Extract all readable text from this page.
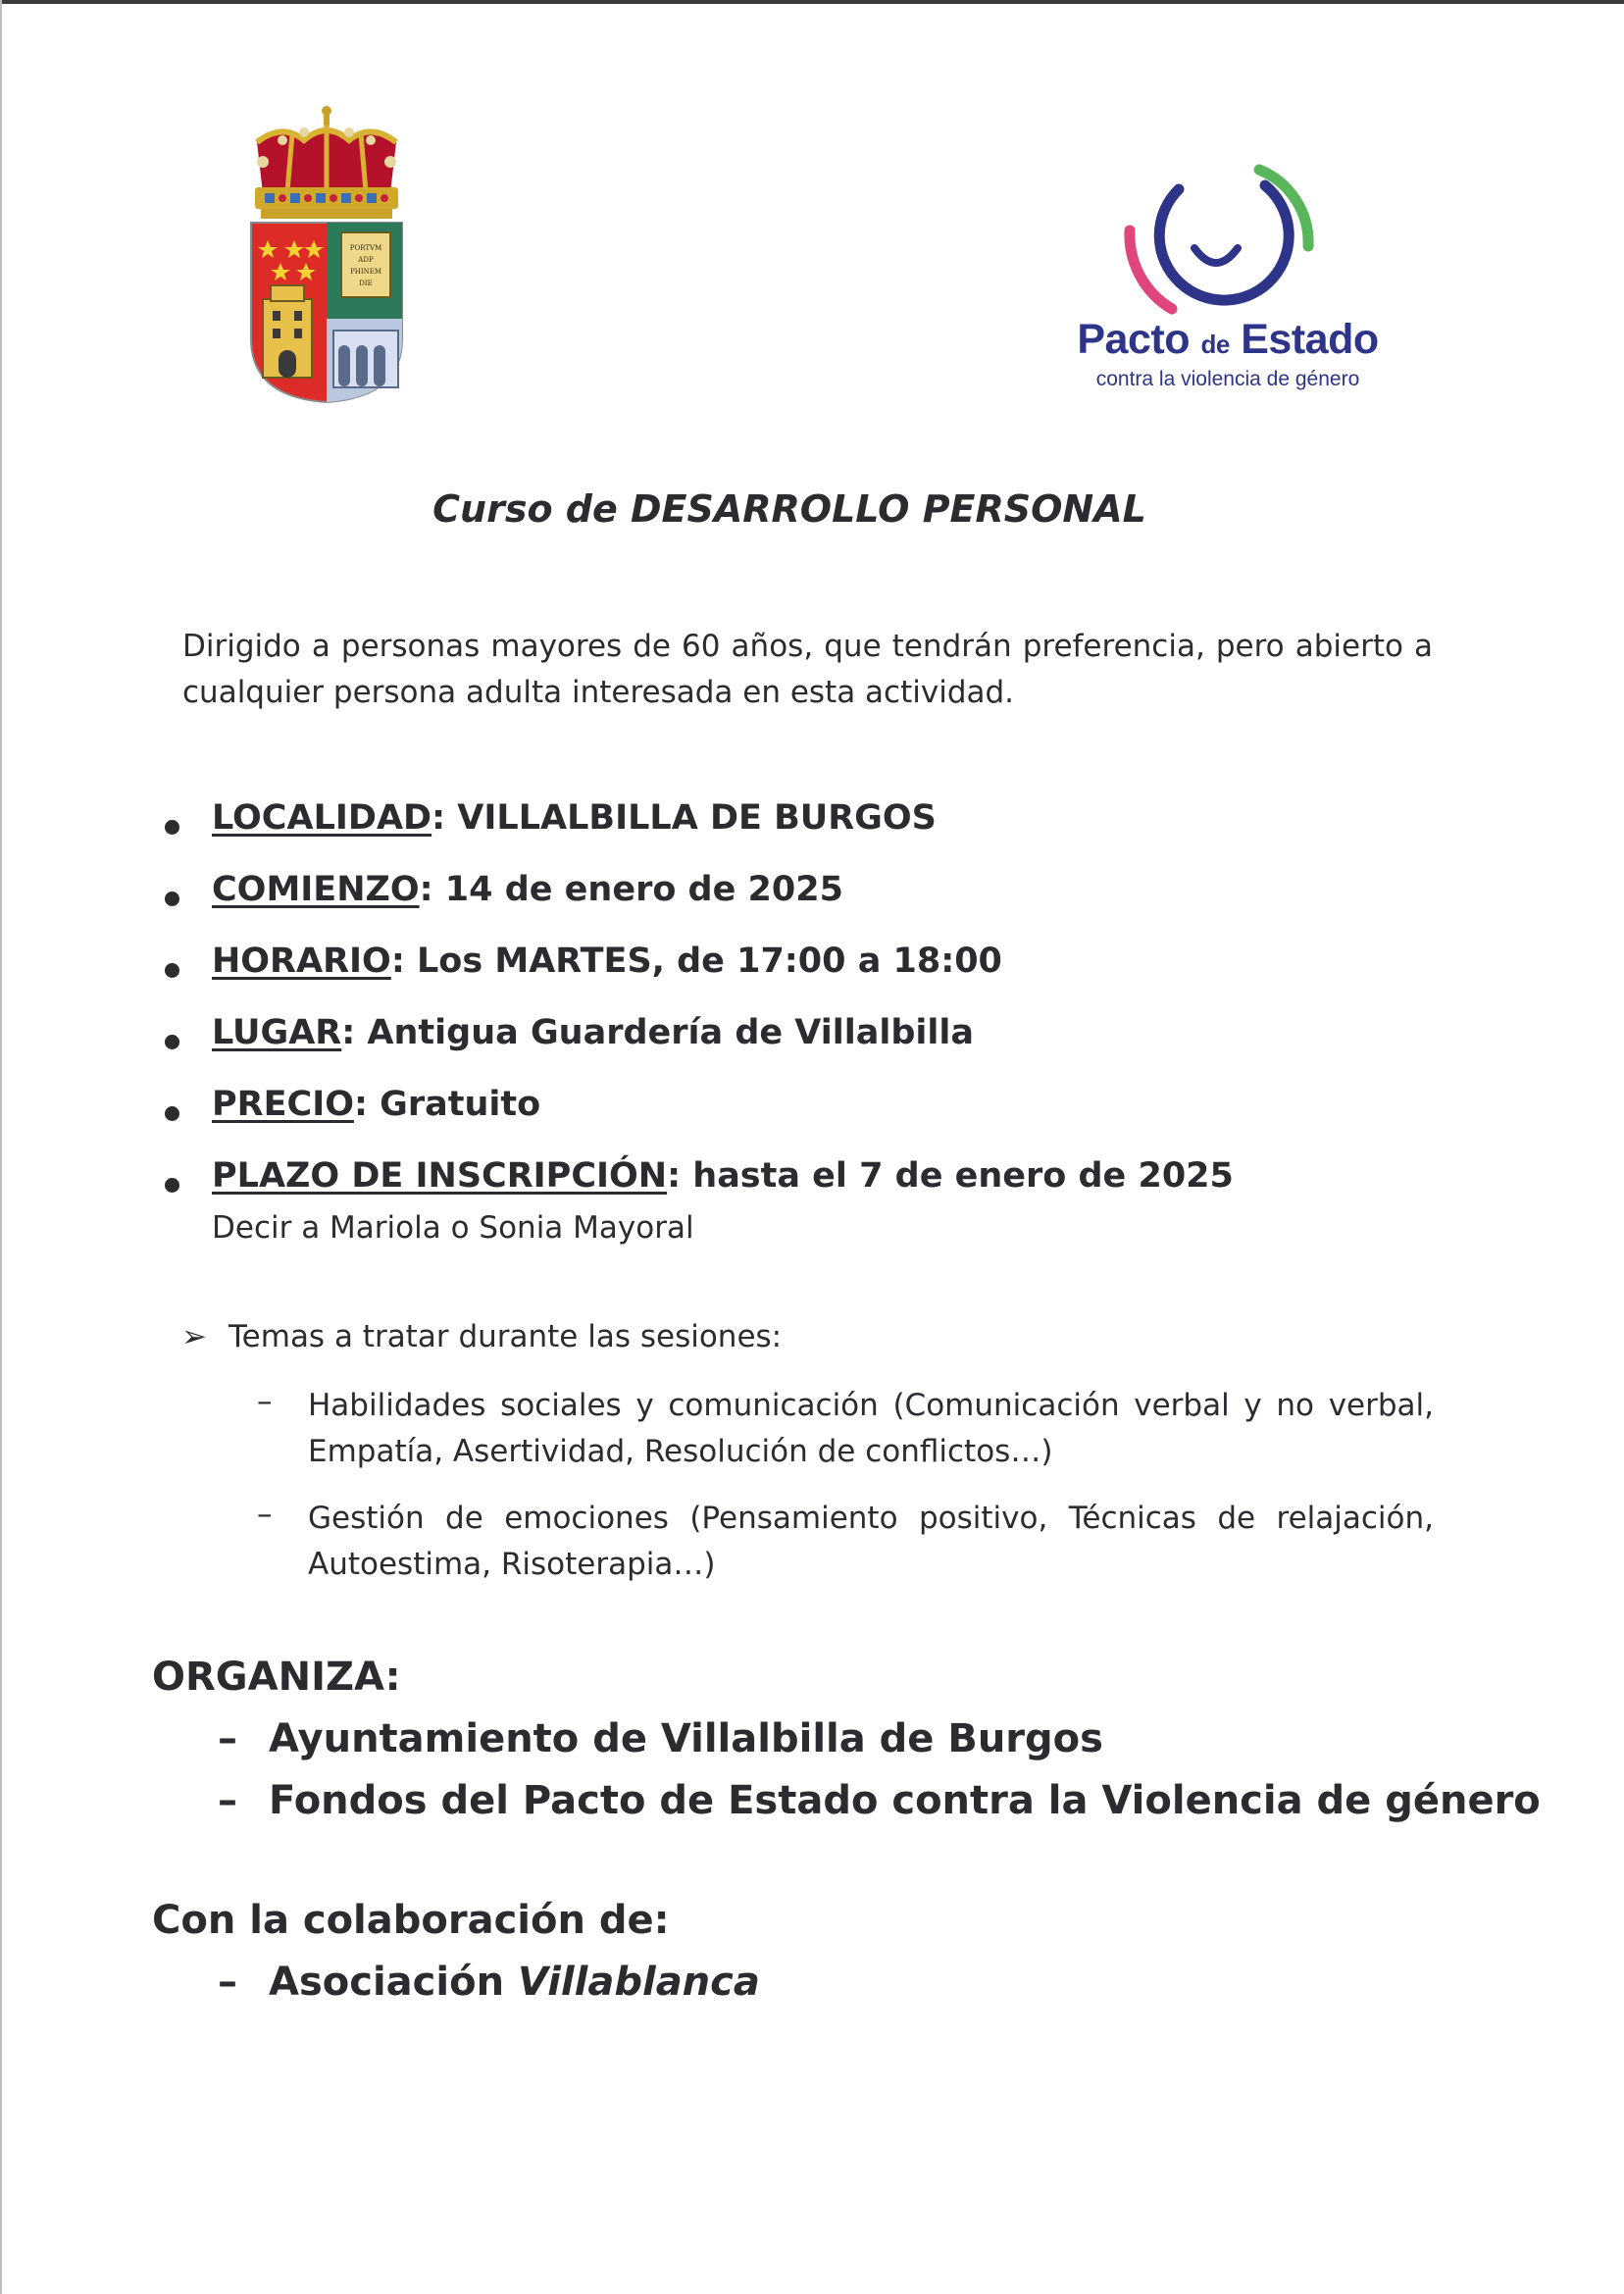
PORTVM
ADP
PHINEM
DIE
Pacto de Estado
contra la violencia de género
Curso de DESARROLLO PERSONAL
Dirigido a personas mayores de 60 años, que tendrán preferencia, pero abierto a cualquier persona adulta interesada en esta actividad.
LOCALIDAD: VILLALBILLA DE BURGOS
COMIENZO: 14 de enero de 2025
HORARIO: Los MARTES, de 17:00 a 18:00
LUGAR: Antigua Guardería de Villalbilla
PRECIO: Gratuito
PLAZO DE INSCRIPCIÓN: hasta el 7 de enero de 2025
Decir a Mariola o Sonia Mayoral
➢ Temas a tratar durante las sesiones:
– Habilidades sociales y comunicación (Comunicación verbal y no verbal, Empatía, Asertividad, Resolución de conflictos…)
– Gestión de emociones (Pensamiento positivo, Técnicas de relajación, Autoestima, Risoterapia…)
ORGANIZA:
– Ayuntamiento de Villalbilla de Burgos
– Fondos del Pacto de Estado contra la Violencia de género
Con la colaboración de:
– Asociación Villablanca
